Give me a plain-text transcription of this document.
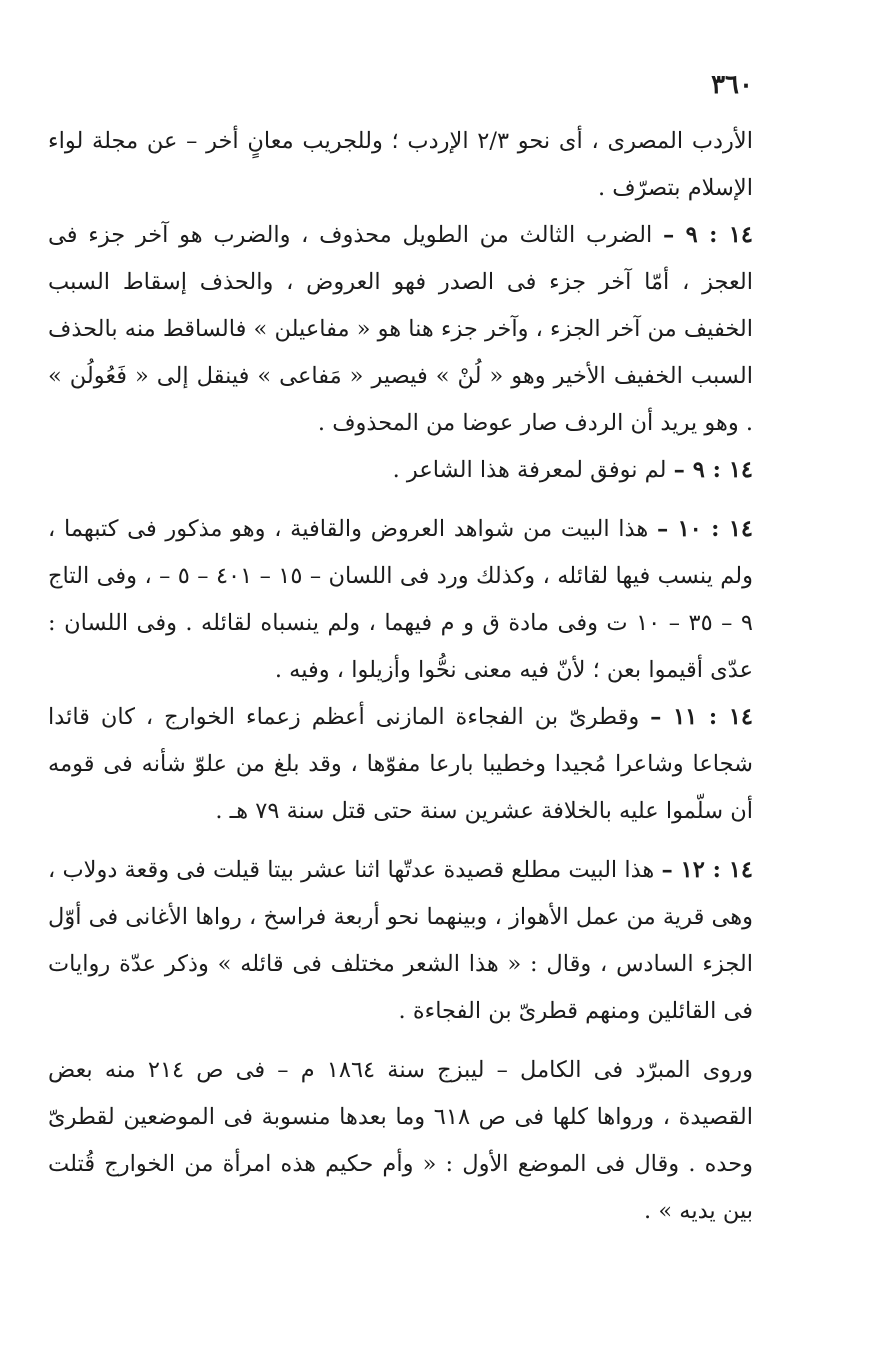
٣٦٠

الأردب المصرى ، أى نحو ٢/٣ الإردب ؛ وللجريب معانٍ أخر – عن مجلة لواء الإسلام بتصرّف .

١٤ : ٩ – الضرب الثالث من الطويل محذوف ، والضرب هو آخر جزء فى العجز ، أمّا آخر جزء فى الصدر فهو العروض ، والحذف إسقاط السبب الخفيف من آخر الجزء ، وآخر جزء هنا هو « مفاعيلن » فالساقط منه بالحذف السبب الخفيف الأخير وهو « لُنْ » فيصير « مَفاعى » فينقل إلى « فَعُولُن » . وهو يريد أن الردف صار عوضا من المحذوف .

١٤ : ٩ – لم نوفق لمعرفة هذا الشاعر .

١٤ : ١٠ – هذا البيت من شواهد العروض والقافية ، وهو مذكور فى كتبهما ، ولم ينسب فيها لقائله ، وكذلك ورد فى اللسان – ١٥ – ٤٠١ – ٥ – ، وفى التاج ٩ – ٣٥ – ١٠ ت وفى مادة ق و م فيهما ، ولم ينسباه لقائله . وفى اللسان : عدّى أقيموا بعن ؛ لأنّ فيه معنى نحُّوا وأزيلوا ، وفيه .

١٤ : ١١ – وقطرىّ بن الفجاءة المازنى أعظم زعماء الخوارج ، كان قائدا شجاعا وشاعرا مُجيدا وخطيبا بارعا مفوّها ، وقد بلغ من علوّ شأنه فى قومه أن سلّموا عليه بالخلافة عشرين سنة حتى قتل سنة ٧٩ هـ .

١٤ : ١٢ – هذا البيت مطلع قصيدة عدتّها اثنا عشر بيتا قيلت فى وقعة دولاب ، وهى قرية من عمل الأهواز ، وبينهما نحو أربعة فراسخ ، رواها الأغانى فى أوّل الجزء السادس ، وقال : « هذا الشعر مختلف فى قائله » وذكر عدّة روايات فى القائلين ومنهم قطرىّ بن الفجاءة .

وروى المبرّد فى الكامل – ليبزج سنة ١٨٦٤ م – فى ص ٢١٤ منه بعض القصيدة ، ورواها كلها فى ص ٦١٨ وما بعدها منسوبة فى الموضعين لقطرىّ وحده . وقال فى الموضع الأول : « وأم حكيم هذه امرأة من الخوارج قُتلت بين يديه » .
